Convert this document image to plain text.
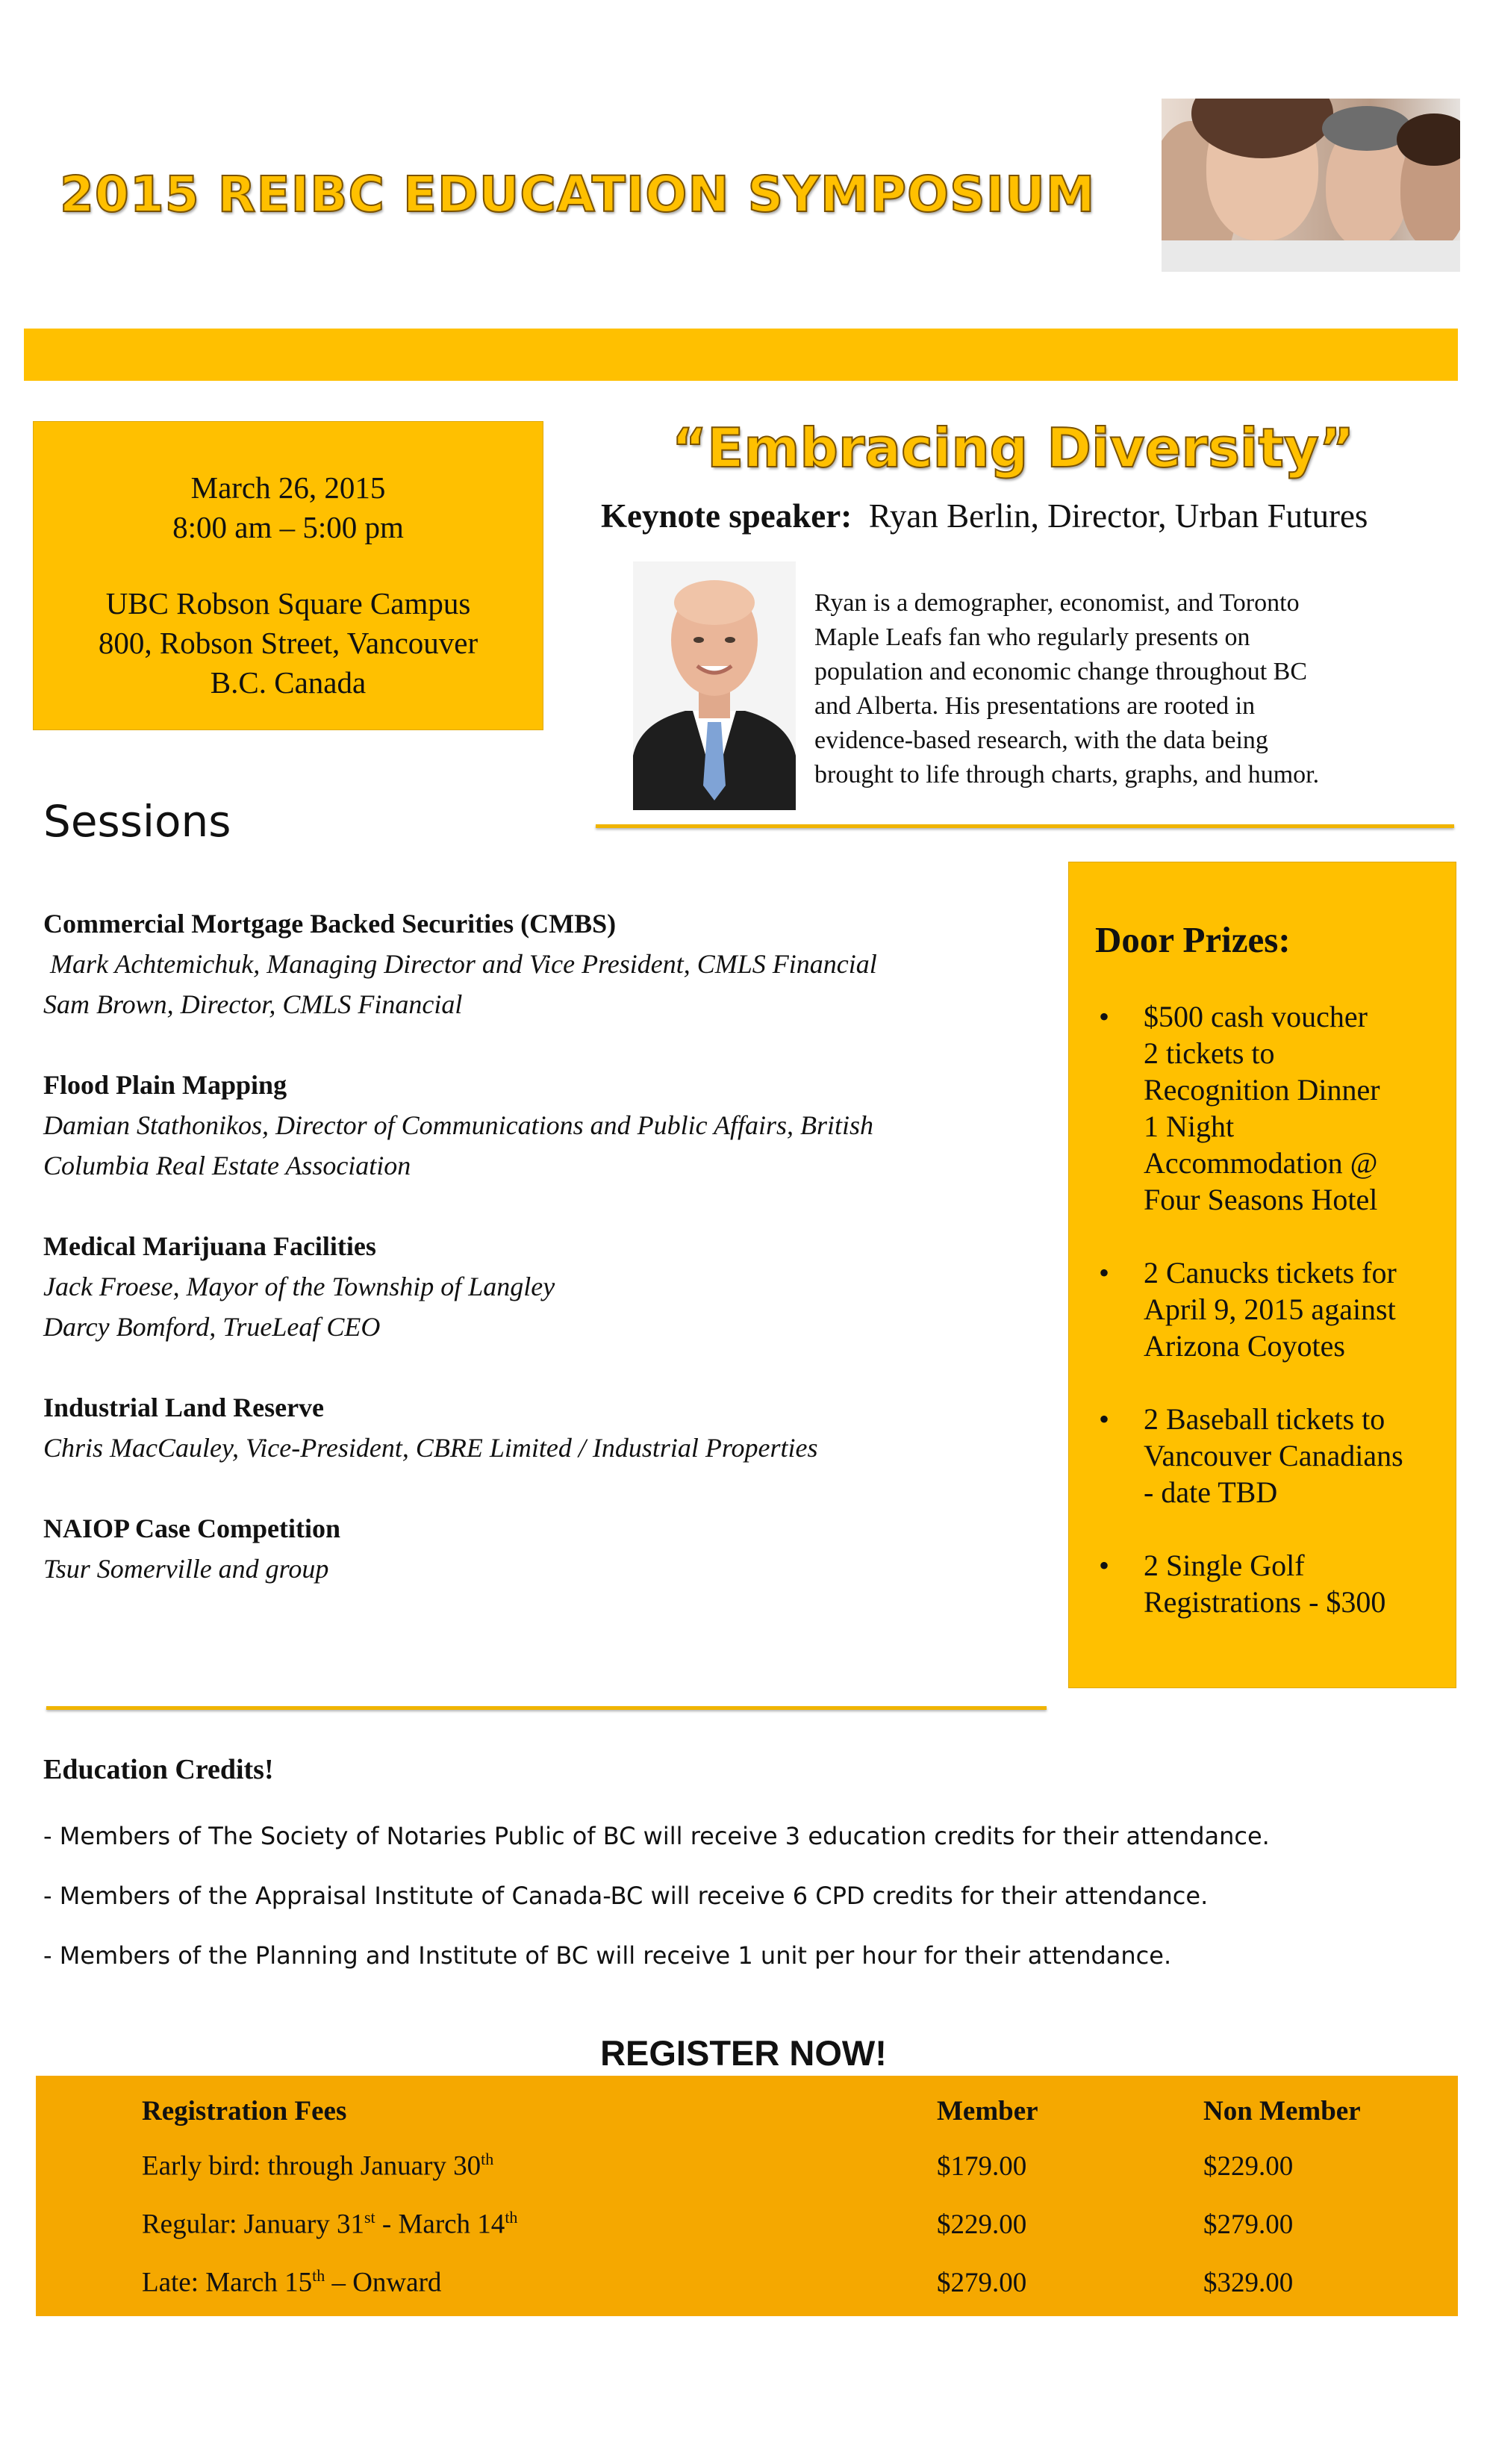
2015 REIBC EDUCATION SYMPOSIUM
March 26, 2015
8:00 am – 5:00 pm
UBC Robson Square Campus
800, Robson Street, Vancouver
B.C. Canada
“Embracing Diversity”
Keynote speaker: Ryan Berlin, Director, Urban Futures
Ryan is a demographer, economist, and Toronto
Maple Leafs fan who regularly presents on
population and economic change throughout BC
and Alberta. His presentations are rooted in
evidence-based research, with the data being
brought to life through charts, graphs, and humor.
Sessions
Commercial Mortgage Backed Securities (CMBS)
Mark Achtemichuk, Managing Director and Vice President, CMLS Financial
Sam Brown, Director, CMLS Financial
Flood Plain Mapping
Damian Stathonikos, Director of Communications and Public Affairs, British
Columbia Real Estate Association
Medical Marijuana Facilities
Jack Froese, Mayor of the Township of Langley
Darcy Bomford, TrueLeaf CEO
Industrial Land Reserve
Chris MacCauley, Vice-President, CBRE Limited / Industrial Properties
NAIOP Case Competition
Tsur Somerville and group
Door Prizes:
• $500 cash voucher
2 tickets to
Recognition Dinner
1 Night
Accommodation @
Four Seasons Hotel
• 2 Canucks tickets for
April 9, 2015 against
Arizona Coyotes
• 2 Baseball tickets to
Vancouver Canadians
- date TBD
• 2 Single Golf
Registrations - $300
Education Credits!
- Members of The Society of Notaries Public of BC will receive 3 education credits for their attendance.
- Members of the Appraisal Institute of Canada-BC will receive 6 CPD credits for their attendance.
- Members of the Planning and Institute of BC will receive 1 unit per hour for their attendance.
REGISTER NOW!
Registration Fees	Member	Non Member
Early bird: through January 30th	$179.00	$229.00
Regular: January 31st - March 14th	$229.00	$279.00
Late: March 15th – Onward	$279.00	$329.00
